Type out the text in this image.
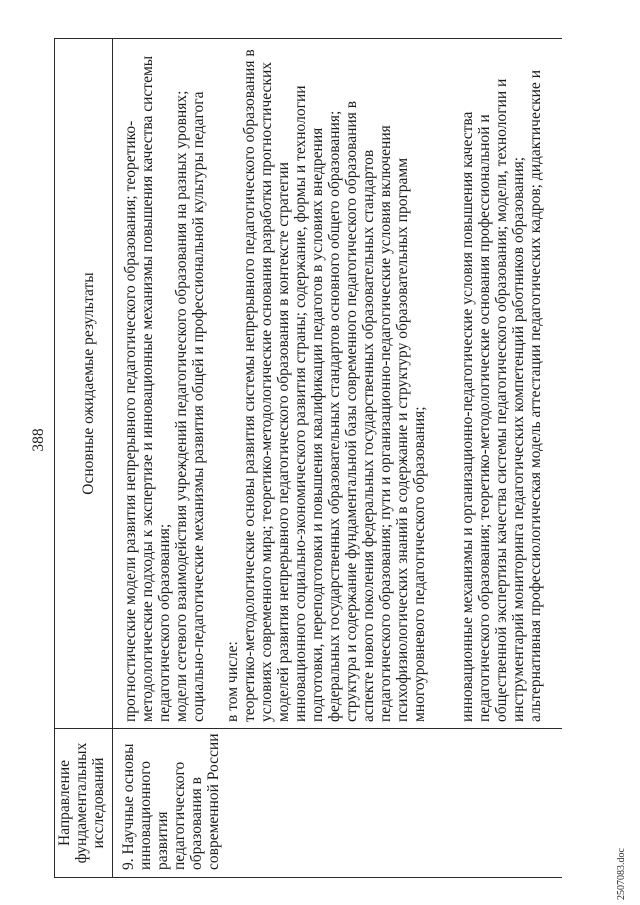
388
Направление фундаментальных исследований
Основные ожидаемые результаты
9. Научные основы инновационного развития педагогического образования в современной России
прогностические модели развития непрерывного педагогического образования; теоретико- методологические подходы к экспертизе и инновационные механизмы повышения качества системы педагогического образования; модели сетевого взаимодействия учреждений педагогического образования на разных уровнях; социально-педагогические механизмы развития общей и профессиональной культуры педагога в том числе: теоретико-методологические основы развития системы непрерывного педагогического образования в условиях современного мира; теоретико-методологические основания разработки прогностических моделей развития непрерывного педагогического образования в контексте стратегии инновационного социально-экономического развития страны; содержание, формы и технологии подготовки, переподготовки и повышения квалификации педагогов в условиях внедрения федеральных государственных образовательных стандартов основного общего образования; структура и содержание фундаментальной базы современного педагогического образования в аспекте нового поколения федеральных государственных образовательных стандартов педагогического образования; пути и организационно-педагогические условия включения психофизиологических знаний в содержание и структуру образовательных программ многоуровневого педагогического образования; инновационные механизмы и организационно-педагогические условия повышения качества педагогического образования; теоретико-методологические основания профессиональной и общественной экспертизы качества системы педагогического образования; модели, технологии и инструментарий мониторинга педагогических компетенций работников образования; альтернативная профессиологическая модель аттестации педагогических кадров; дидактические и
2507083.doc
